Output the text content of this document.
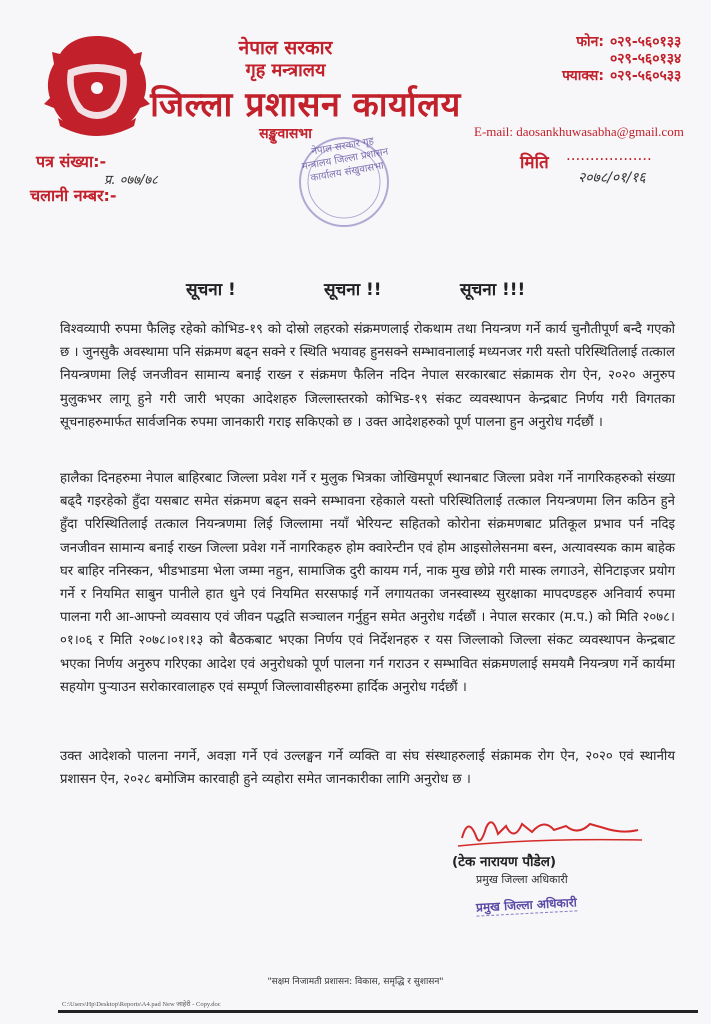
नेपाल सरकार
गृह मन्त्रालय
जिल्ला प्रशासन कार्यालय
सङ्खुवासभा
फोन: ०२९-५६०१३३
०२९-५६०१३४
फ्याक्स: ०२९-५६०५३३
E-mail: daosankhuwasabha@gmail.com
मिति ..................
२०७८/०१/१६
पत्र संख्या:-
प्र. ०७७/७८
चलानी नम्बर:-
नेपाल सरकार गृह मन्त्रालय जिल्ला प्रशासन कार्यालय संखुवासभा
सूचना !	सूचना !!	सूचना !!!
विश्वव्यापी रुपमा फैलिइ रहेको कोभिड-१९ को दोस्रो लहरको संक्रमणलाई रोकथाम तथा नियन्त्रण गर्ने कार्य चुनौतीपूर्ण बन्दै गएको छ । जुनसुकै अवस्थामा पनि संक्रमण बढ्न सक्ने र स्थिति भयावह हुनसक्ने सम्भावनालाई मध्यनजर गरी यस्तो परिस्थितिलाई तत्काल नियन्त्रणमा लिई जनजीवन सामान्य बनाई राख्न र संक्रमण फैलिन नदिन नेपाल सरकारबाट संक्रामक रोग ऐन, २०२० अनुरुप मुलुकभर लागू हुने गरी जारी भएका आदेशहरु जिल्लास्तरको कोभिड-१९ संकट व्यवस्थापन केन्द्रबाट निर्णय गरी विगतका सूचनाहरुमार्फत सार्वजनिक रुपमा जानकारी गराइ सकिएको छ । उक्त आदेशहरुको पूर्ण पालना हुन अनुरोध गर्दछौं ।
हालैका दिनहरुमा नेपाल बाहिरबाट जिल्ला प्रवेश गर्ने र मुलुक भित्रका जोखिमपूर्ण स्थानबाट जिल्ला प्रवेश गर्ने नागरिकहरुको संख्या बढ्दै गइरहेको हुँदा यसबाट समेत संक्रमण बढ्न सक्ने सम्भावना रहेकाले यस्तो परिस्थितिलाई तत्काल नियन्त्रणमा लिन कठिन हुने हुँदा परिस्थितिलाई तत्काल नियन्त्रणमा लिई जिल्लामा नयाँ भेरियन्ट सहितको कोरोना संक्रमणबाट प्रतिकूल प्रभाव पर्न नदिइ जनजीवन सामान्य बनाई राख्न जिल्ला प्रवेश गर्ने नागरिकहरु होम क्वारेन्टीन एवं होम आइसोलेसनमा बस्न, अत्यावस्यक काम बाहेक घर बाहिर ननिस्कन, भीडभाडमा भेला जम्मा नहुन, सामाजिक दुरी कायम गर्न, नाक मुख छोप्ने गरी मास्क लगाउने, सेनिटाइजर प्रयोग गर्ने र नियमित साबुन पानीले हात धुने एवं नियमित सरसफाई गर्ने लगायतका जनस्वास्थ्य सुरक्षाका मापदण्डहरु अनिवार्य रुपमा पालना गरी आ-आफ्नो व्यवसाय एवं जीवन पद्धति सञ्चालन गर्नुहुन समेत अनुरोध गर्दछौं । नेपाल सरकार (म.प.) को मिति २०७८।०१।०६ र मिति २०७८।०१।१३ को बैठकबाट भएका निर्णय एवं निर्देशनहरु र यस जिल्लाको जिल्ला संकट व्यवस्थापन केन्द्रबाट भएका निर्णय अनुरुप गरिएका आदेश एवं अनुरोधको पूर्ण पालना गर्न गराउन र सम्भावित संक्रमणलाई समयमै नियन्त्रण गर्ने कार्यमा सहयोग पुऱ्याउन सरोकारवालाहरु एवं सम्पूर्ण जिल्लावासीहरुमा हार्दिक अनुरोध गर्दछौं ।
उक्त आदेशको पालना नगर्ने, अवज्ञा गर्ने एवं उल्लङ्घन गर्ने व्यक्ति वा संघ संस्थाहरुलाई संक्रामक रोग ऐन, २०२० एवं स्थानीय प्रशासन ऐन, २०२८ बमोजिम कारवाही हुने व्यहोरा समेत जानकारीका लागि अनुरोध छ ।
(टेक नारायण पौडेल)
प्रमुख जिल्ला अधिकारी
प्रमुख जिल्ला अधिकारी
"सक्षम निजामती प्रशासन: विकास, समृद्धि र सुशासन"
C:\Users\Hp\Desktop\Reports\A4.pad New जाहेरी - Copy.doc
